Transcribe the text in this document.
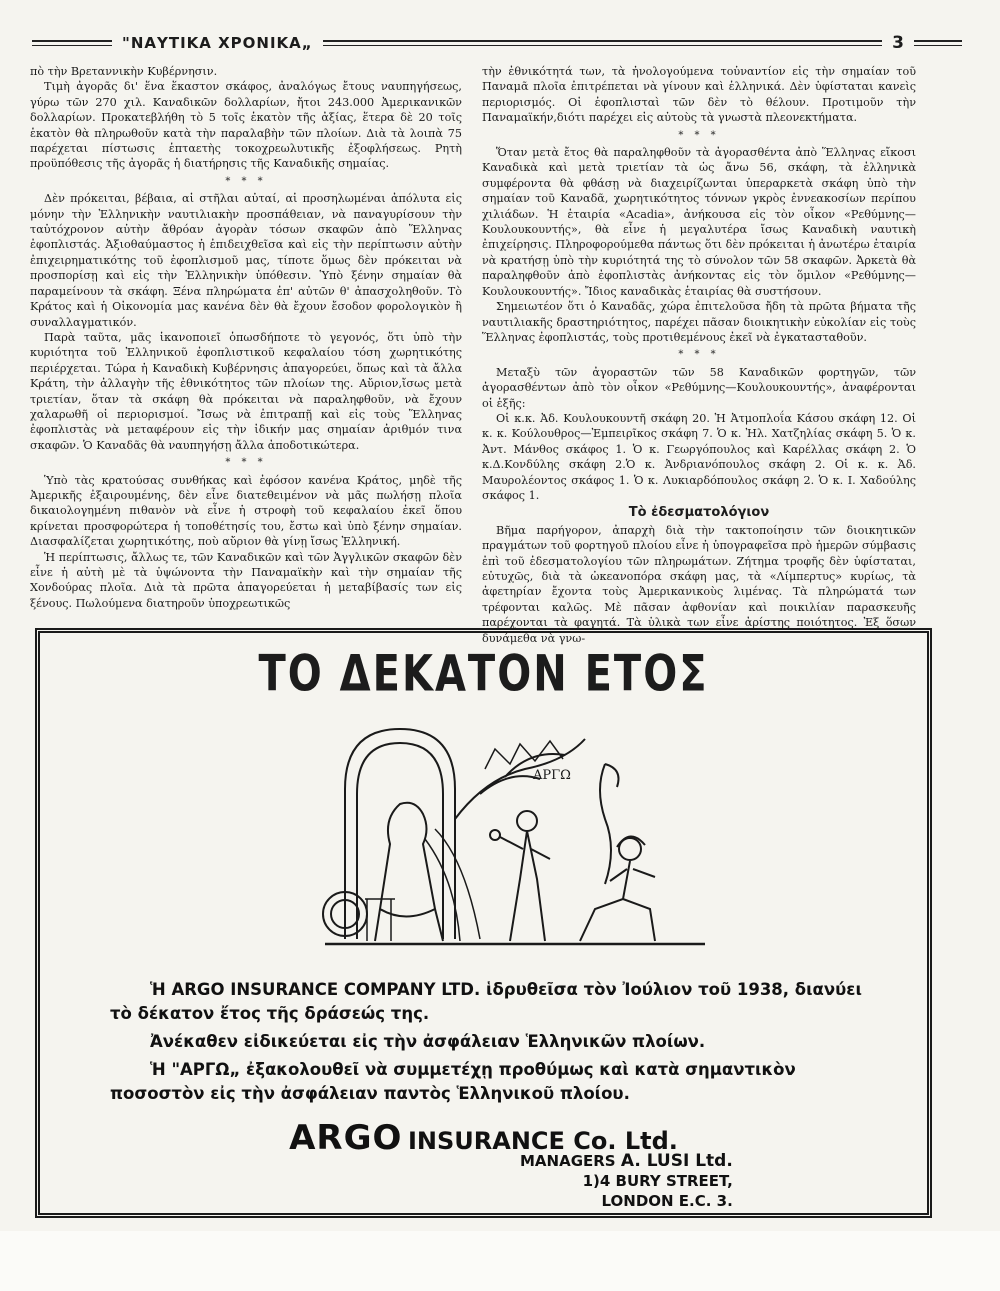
"ΝΑΥΤΙΚΑ ΧΡΟΝΙΚΑ„	3

πὸ τὴν Βρεταννικὴν Κυβέρνησιν.

Τιμὴ ἀγορᾶς δι' ἕνα ἕκαστον σκάφος, ἀναλόγως ἔτους ναυπηγήσεως, γύρω τῶν 270 χιλ. Καναδικῶν δολλαρίων, ἤτοι 243.000 Ἀμερικανικῶν δολλαρίων. Προκατεβλήθη τὸ 5 τοῖς ἑκατὸν τῆς ἀξίας, ἕτερα δὲ 20 τοῖς ἑκατὸν θὰ πληρωθοῦν κατὰ τὴν παραλαβὴν τῶν πλοίων. Διὰ τὰ λοιπὰ 75 παρέχεται πίστωσις ἑπταετὴς τοκοχρεωλυτικῆς ἐξοφλήσεως. Ρητὴ προϋπόθεσις τῆς ἀγορᾶς ἡ διατήρησις τῆς Καναδικῆς σημαίας.

* * *

Δὲν πρόκειται, βέβαια, αἱ στῆλαι αὐταί, αἱ προσηλωμέναι ἀπόλυτα εἰς μόνην τὴν Ἑλληνικὴν ναυτιλιακὴν προσπάθειαν, νὰ παναγυρίσουν τὴν ταὐτόχρονον αὐτὴν ἄθρόαν ἀγορὰν τόσων σκαφῶν ἀπὸ Ἕλληνας ἐφοπλιστάς. Ἀξιοθαύμαστος ἡ ἐπιδειχθεῖσα καὶ εἰς τὴν περίπτωσιν αὐτὴν ἐπιχειρηματικότης τοῦ ἐφοπλισμοῦ μας, τίποτε ὅμως δὲν πρόκειται νὰ προσπορίσῃ καὶ εἰς τὴν Ἑλληνικὴν ὑπόθεσιν. Ὑπὸ ξένην σημαίαν θὰ παραμείνουν τὰ σκάφη. Ξένα πληρώματα ἐπ' αὐτῶν θ' ἀπασχοληθοῦν. Τὸ Κράτος καὶ ἡ Οἰκονομία μας κανένα δὲν θὰ ἔχουν ἔσοδον φορολογικὸν ἢ συναλλαγματικόν.

Παρὰ ταῦτα, μᾶς ἱκανοποιεῖ ὁπωσδήποτε τὸ γεγονός, ὅτι ὑπὸ τὴν κυριότητα τοῦ Ἑλληνικοῦ ἐφοπλιστικοῦ κεφαλαίου τόση χωρητικότης περιέρχεται. Τώρα ἡ Καναδικὴ Κυβέρνησις ἀπαγορεύει, ὅπως καὶ τὰ ἄλλα Κράτη, τὴν ἀλλαγὴν τῆς ἐθνικότητος τῶν πλοίων της. Αὔριον,ἴσως μετὰ τριετίαν, ὅταν τὰ σκάφη θὰ πρόκειται νὰ παραληφθοῦν, νὰ ἔχουν χαλαρωθῆ οἱ περιορισμοί. Ἴσως νὰ ἐπιτραπῇ καὶ εἰς τοὺς Ἕλληνας ἐφοπλιστὰς νὰ μεταφέρουν εἰς τὴν ἰδικήν μας σημαίαν ἀριθμόν τινα σκαφῶν. Ὁ Καναδᾶς θὰ ναυπηγήσῃ ἄλλα ἀποδοτικώτερα.

* * *

Ὑπὸ τὰς κρατούσας συνθήκας καὶ ἐφόσον κανένα Κράτος, μηδὲ τῆς Ἀμερικῆς ἐξαιρουμένης, δὲν εἶνε διατεθειμένον νὰ μᾶς πωλήσῃ πλοῖα δικαιολογημένη πιθανὸν νὰ εἶνε ἡ στροφὴ τοῦ κεφαλαίου ἐκεῖ ὅπου κρίνεται προσφορώτερα ἡ τοποθέτησίς του, ἔστω καὶ ὑπὸ ξένην σημαίαν. Διασφαλίζεται χωρητικότης, ποὺ αὔριον θὰ γίνῃ ἴσως Ἑλληνική.

Ἡ περίπτωσις, ἄλλως τε, τῶν Καναδικῶν καὶ τῶν Ἀγγλικῶν σκαφῶν δὲν εἶνε ἡ αὐτὴ μὲ τὰ ὑψώνοντα τὴν Παναμαϊκὴν καὶ τὴν σημαίαν τῆς Χονδούρας πλοῖα. Διὰ τὰ πρῶτα ἀπαγορεύεται ἡ μεταβίβασίς των εἰς ξένους. Πωλούμενα διατηροῦν ὑποχρεωτικῶς

τὴν ἐθνικότητά των, τὰ ἠνολογούμενα τοὐναντίον εἰς τὴν σημαίαν τοῦ Παναμᾶ πλοῖα ἐπιτρέπεται νὰ γίνουν καὶ ἑλληνικά. Δὲν ὑφίσταται κανεὶς περιορισμός. Οἱ ἐφοπλισταὶ τῶν δὲν τὸ θέλουν. Προτιμοῦν τὴν Παναμαϊκήν,διότι παρέχει εἰς αὐτοὺς τὰ γνωστὰ πλεονεκτήματα.

* * *

Ὅταν μετὰ ἔτος θὰ παραληφθοῦν τὰ ἀγορασθέντα ἀπὸ Ἕλληνας εἴκοσι Καναδικὰ καὶ μετὰ τριετίαν τὰ ὡς ἄνω 56, σκάφη, τὰ ἑλληνικὰ συμφέροντα θὰ φθάσῃ νὰ διαχειρίζωνται ὑπεραρκετὰ σκάφη ὑπὸ τὴν σημαίαν τοῦ Καναδᾶ, χωρητικότητος τόννων γκρὸς ἐννεακοσίων περίπου χιλιάδων. Ἡ ἑταιρία «Acadia», ἀνήκουσα εἰς τὸν οἶκον «Ρεθύμνης—Κουλουκουντής», θὰ εἶνε ἡ μεγαλυτέρα ἴσως Καναδικὴ ναυτικὴ ἐπιχείρησις. Πληροφορούμεθα πάντως ὅτι δὲν πρόκειται ἡ ἀνωτέρω ἑταιρία νὰ κρατήσῃ ὑπὸ τὴν κυριότητά της τὸ σύνολον τῶν 58 σκαφῶν. Ἀρκετὰ θὰ παραληφθοῦν ἀπὸ ἐφοπλιστὰς ἀνήκοντας εἰς τὸν ὅμιλον «Ρεθύμνης—Κουλουκουντής». Ἴδιος καναδικὰς ἑταιρίας θὰ συστήσουν.

Σημειωτέον ὅτι ὁ Καναδᾶς, χώρα ἐπιτελοῦσα ἤδη τὰ πρῶτα βήματα τῆς ναυτιλιακῆς δραστηριότητος, παρέχει πᾶσαν διοικητικὴν εὐκολίαν εἰς τοὺς Ἕλληνας ἐφοπλιστάς, τοὺς προτιθεμένους ἐκεῖ νὰ ἐγκατασταθοῦν.

* * *

Μεταξὺ τῶν ἀγοραστῶν τῶν 58 Καναδικῶν φορτηγῶν, τῶν ἀγορασθέντων ἀπὸ τὸν οἶκον «Ρεθύμνης—Κουλουκουντής», ἀναφέρονται οἱ ἑξῆς:

Οἱ κ.κ. Ἀδ. Κουλουκουντῆ σκάφη 20. Ἡ Ἀτμοπλοΐα Κάσου σκάφη 12. Οἱ κ. κ. Κούλουθρος—Ἐμπειρῖκος σκάφη 7. Ὁ κ. Ἠλ. Χατζηλίας σκάφη 5. Ὁ κ. Ἀντ. Μάνθος σκάφος 1. Ὁ κ. Γεωργόπουλος καὶ Καρέλλας σκάφη 2. Ὁ κ.Δ.Κονδύλης σκάφη 2.Ὁ κ. Ἀνδριανόπουλος σκάφη 2. Οἱ κ. κ. Ἀδ. Μαυρολέοντος σκάφος 1. Ὁ κ. Λυκιαρδόπουλος σκάφη 2. Ὁ κ. Ι. Χαδούλης σκάφος 1.

Τὸ ἐδεσματολόγιον

Βῆμα παρήγορον, ἀπαρχὴ διὰ τὴν τακτοποίησιν τῶν διοικητικῶν πραγμάτων τοῦ φορτηγοῦ πλοίου εἶνε ἡ ὑπογραφεῖσα πρὸ ἡμερῶν σύμβασις ἐπὶ τοῦ ἐδεσματολογίου τῶν πληρωμάτων. Ζήτημα τροφῆς δὲν ὑφίσταται, εὐτυχῶς, διὰ τὰ ὠκεανοπόρα σκάφη μας, τὰ «Λίμπερτυς» κυρίως, τὰ ἀφετηρίαν ἔχοντα τοὺς Ἀμερικανικοὺς λιμένας. Τὰ πληρώματά των τρέφονται καλῶς. Μὲ πᾶσαν ἀφθονίαν καὶ ποικιλίαν παρασκευῆς παρέχονται τὰ φαγητά. Τὰ ὑλικὰ των εἶνε ἀρίστης ποιότητος. Ἐξ ὅσων δυνάμεθα νὰ γνω-

ΤΟ ΔΕΚΑΤΟΝ ΕΤΟΣ
ΑΡΓΩ

Ἡ ARGO INSURANCE COMPANY LTD. ἱδρυθεῖσα τὸν Ἰούλιον τοῦ 1938, διανύει τὸ δέκατον ἔτος τῆς δράσεώς της.

Ἀνέκαθεν εἰδικεύεται εἰς τὴν ἀσφάλειαν Ἑλληνικῶν πλοίων.

Ἡ "ΑΡΓΩ„ ἐξακολουθεῖ νὰ συμμετέχῃ προθύμως καὶ κατὰ σημαντικὸν ποσοστὸν εἰς τὴν ἀσφάλειαν παντὸς Ἑλληνικοῦ πλοίου.

ARGO INSURANCE Co. Ltd.
MANAGERS A. LUSI Ltd.
1)4 BURY STREET,
LONDON E.C. 3.
